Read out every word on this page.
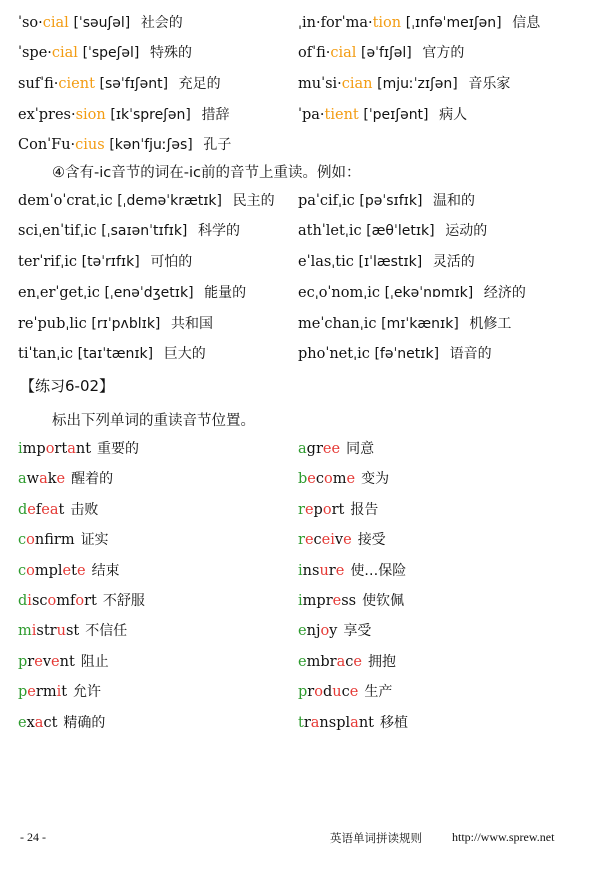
ˈso·cial [ˈsəuʃəl] 社会的	ˌin·forˈma·tion [ˌɪnfəˈmeɪʃən] 信息
ˈspe·cial [ˈspeʃəl] 特殊的	ofˈfi·cial [əˈfɪʃəl] 官方的
sufˈfi·cient [səˈfɪʃənt] 充足的	muˈsi·cian [mjuːˈzɪʃən] 音乐家
exˈpres·sion [ɪkˈspreʃən] 措辞	ˈpa·tient [ˈpeɪʃənt] 病人
ConˈFu·cius [kənˈfjuːʃəs] 孔子
④含有-ic音节的词在-ic前的音节上重读。例如：
demˈoˈcratˌic [ˌdeməˈkrætɪk] 民主的 paˈcifˌic [pəˈsɪfɪk] 温和的
sciˌenˈtifˌic [ˌsaɪənˈtɪfɪk] 科学的	athˈletˌic [æθˈletɪk] 运动的
terˈrifˌic [təˈrɪfɪk] 可怕的	eˈlasˌtic [ɪˈlæstɪk] 灵活的
enˌerˈgetˌic [ˌenəˈdʒetɪk] 能量的	ecˌoˈnomˌic [ˌekəˈnɒmɪk] 经济的
reˈpubˌlic [rɪˈpʌblɪk] 共和国	meˈchanˌic [mɪˈkænɪk] 机修工
tiˈtanˌic [taɪˈtænɪk] 巨大的	phoˈnetˌic [fəˈnetɪk] 语音的
【练习6-02】
标出下列单词的重读音节位置。
important 重要的	agree 同意
awake 醒着的	become 变为
defeat 击败	report 报告
confrm 证实	receive 接受
complete 结束	insure 使…保险
discomfort 不舒服	impress 使钦佩
mistrust 不信任	enjoy 享受
prevent 阻止	embrace 拥抱
permit 允许	produce 生产
exact 精确的	transplant 移植
- 24 -	英语单词拼读规则	http://www.sprew.net
